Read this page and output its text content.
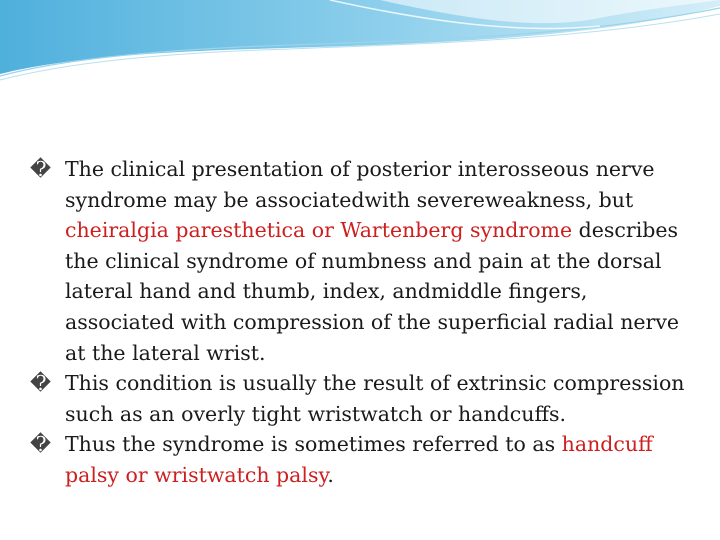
� The clinical presentation of posterior interosseous nerve syndrome may be associatedwith severeweakness, but cheiralgia paresthetica or Wartenberg syndrome describes the clinical syndrome of numbness and pain at the dorsal lateral hand and thumb, index, andmiddle fingers, associated with compression of the superficial radial nerve at the lateral wrist.
� This condition is usually the result of extrinsic compression such as an overly tight wristwatch or handcuffs.
� Thus the syndrome is sometimes referred to as handcuff palsy or wristwatch palsy.
